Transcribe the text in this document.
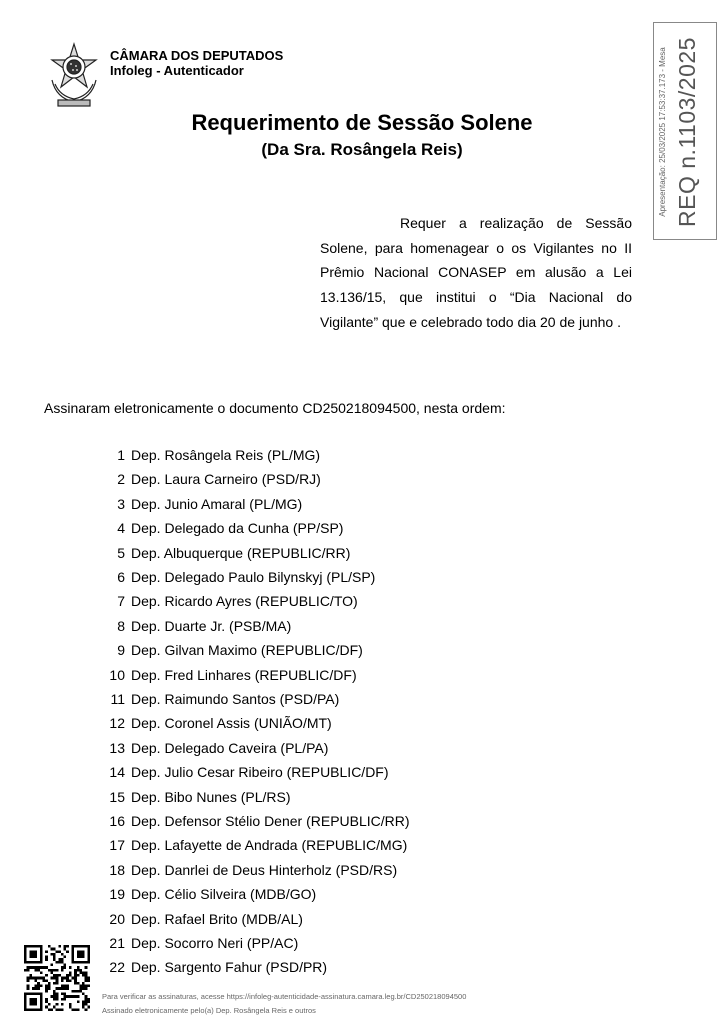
CÂMARA DOS DEPUTADOS
Infoleg - Autenticador	Apresentação: 25/03/2025 17:53:37.173 - Mesa REQ n.1103/2025
Requerimento de Sessão Solene
(Da Sra. Rosângela Reis)
Requer a realização de Sessão Solene, para homenagear o os Vigilantes no II Prêmio Nacional CONASEP em alusão a Lei 13.136/15, que institui o “Dia Nacional do Vigilante” que e celebrado todo dia 20 de junho .
Assinaram eletronicamente o documento CD250218094500, nesta ordem:
1 Dep. Rosângela Reis (PL/MG)
2 Dep. Laura Carneiro (PSD/RJ)
3 Dep. Junio Amaral (PL/MG)
4 Dep. Delegado da Cunha (PP/SP)
5 Dep. Albuquerque (REPUBLIC/RR)
6 Dep. Delegado Paulo Bilynskyj (PL/SP)
7 Dep. Ricardo Ayres (REPUBLIC/TO)
8 Dep. Duarte Jr. (PSB/MA)
9 Dep. Gilvan Maximo (REPUBLIC/DF)
10 Dep. Fred Linhares (REPUBLIC/DF)
11 Dep. Raimundo Santos (PSD/PA)
12 Dep. Coronel Assis (UNIÃO/MT)
13 Dep. Delegado Caveira (PL/PA)
14 Dep. Julio Cesar Ribeiro (REPUBLIC/DF)
15 Dep. Bibo Nunes (PL/RS)
16 Dep. Defensor Stélio Dener (REPUBLIC/RR)
17 Dep. Lafayette de Andrada (REPUBLIC/MG)
18 Dep. Danrlei de Deus Hinterholz (PSD/RS)
19 Dep. Célio Silveira (MDB/GO)
20 Dep. Rafael Brito (MDB/AL)
21 Dep. Socorro Neri (PP/AC)
22 Dep. Sargento Fahur (PSD/PR)
Para verificar as assinaturas, acesse https://infoleg-autenticidade-assinatura.camara.leg.br/CD250218094500
Assinado eletronicamente pelo(a) Dep. Rosângela Reis e outros
